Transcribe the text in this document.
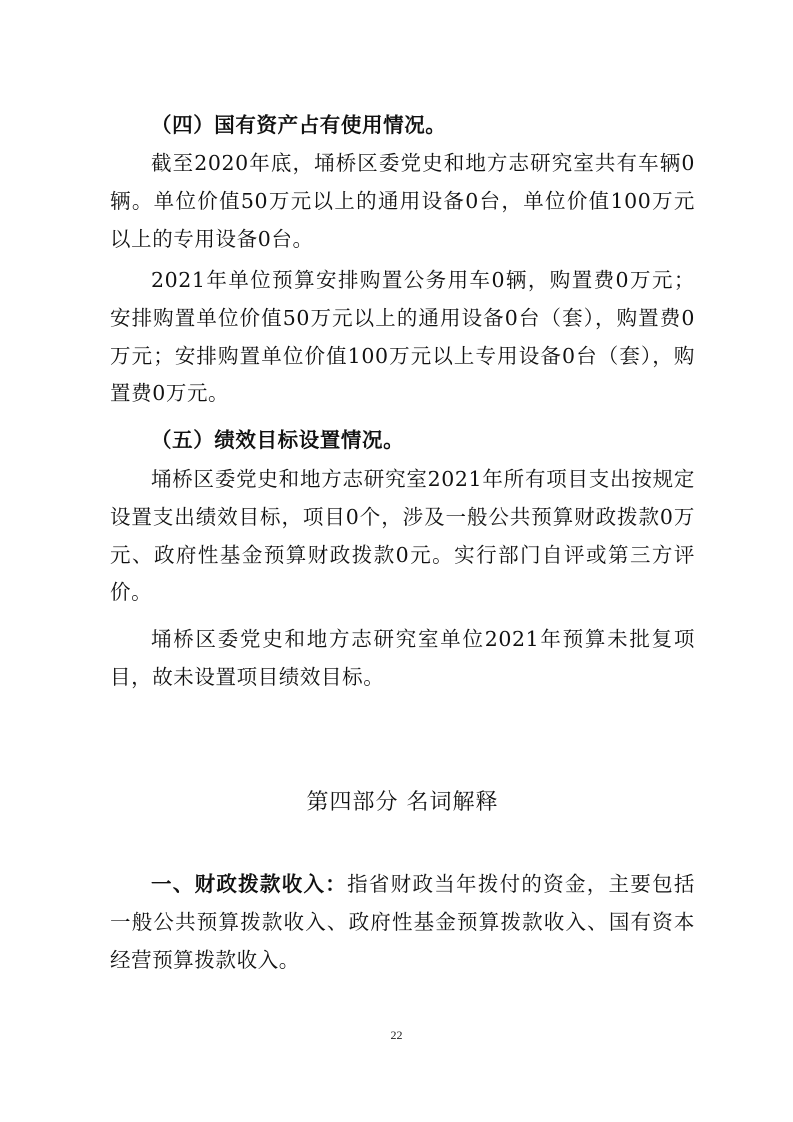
（四）国有资产占有使用情况。

截至2020年底，埇桥区委党史和地方志研究室共有车辆0辆。单位价值50万元以上的通用设备0台，单位价值100万元以上的专用设备0台。

2021年单位预算安排购置公务用车0辆，购置费0万元；安排购置单位价值50万元以上的通用设备0台（套），购置费0万元；安排购置单位价值100万元以上专用设备0台（套），购置费0万元。

（五）绩效目标设置情况。

埇桥区委党史和地方志研究室2021年所有项目支出按规定设置支出绩效目标，项目0个，涉及一般公共预算财政拨款0万元、政府性基金预算财政拨款0元。实行部门自评或第三方评价。

埇桥区委党史和地方志研究室单位2021年预算未批复项目，故未设置项目绩效目标。

第四部分 名词解释

一、财政拨款收入：指省财政当年拨付的资金，主要包括一般公共预算拨款收入、政府性基金预算拨款收入、国有资本经营预算拨款收入。

22
